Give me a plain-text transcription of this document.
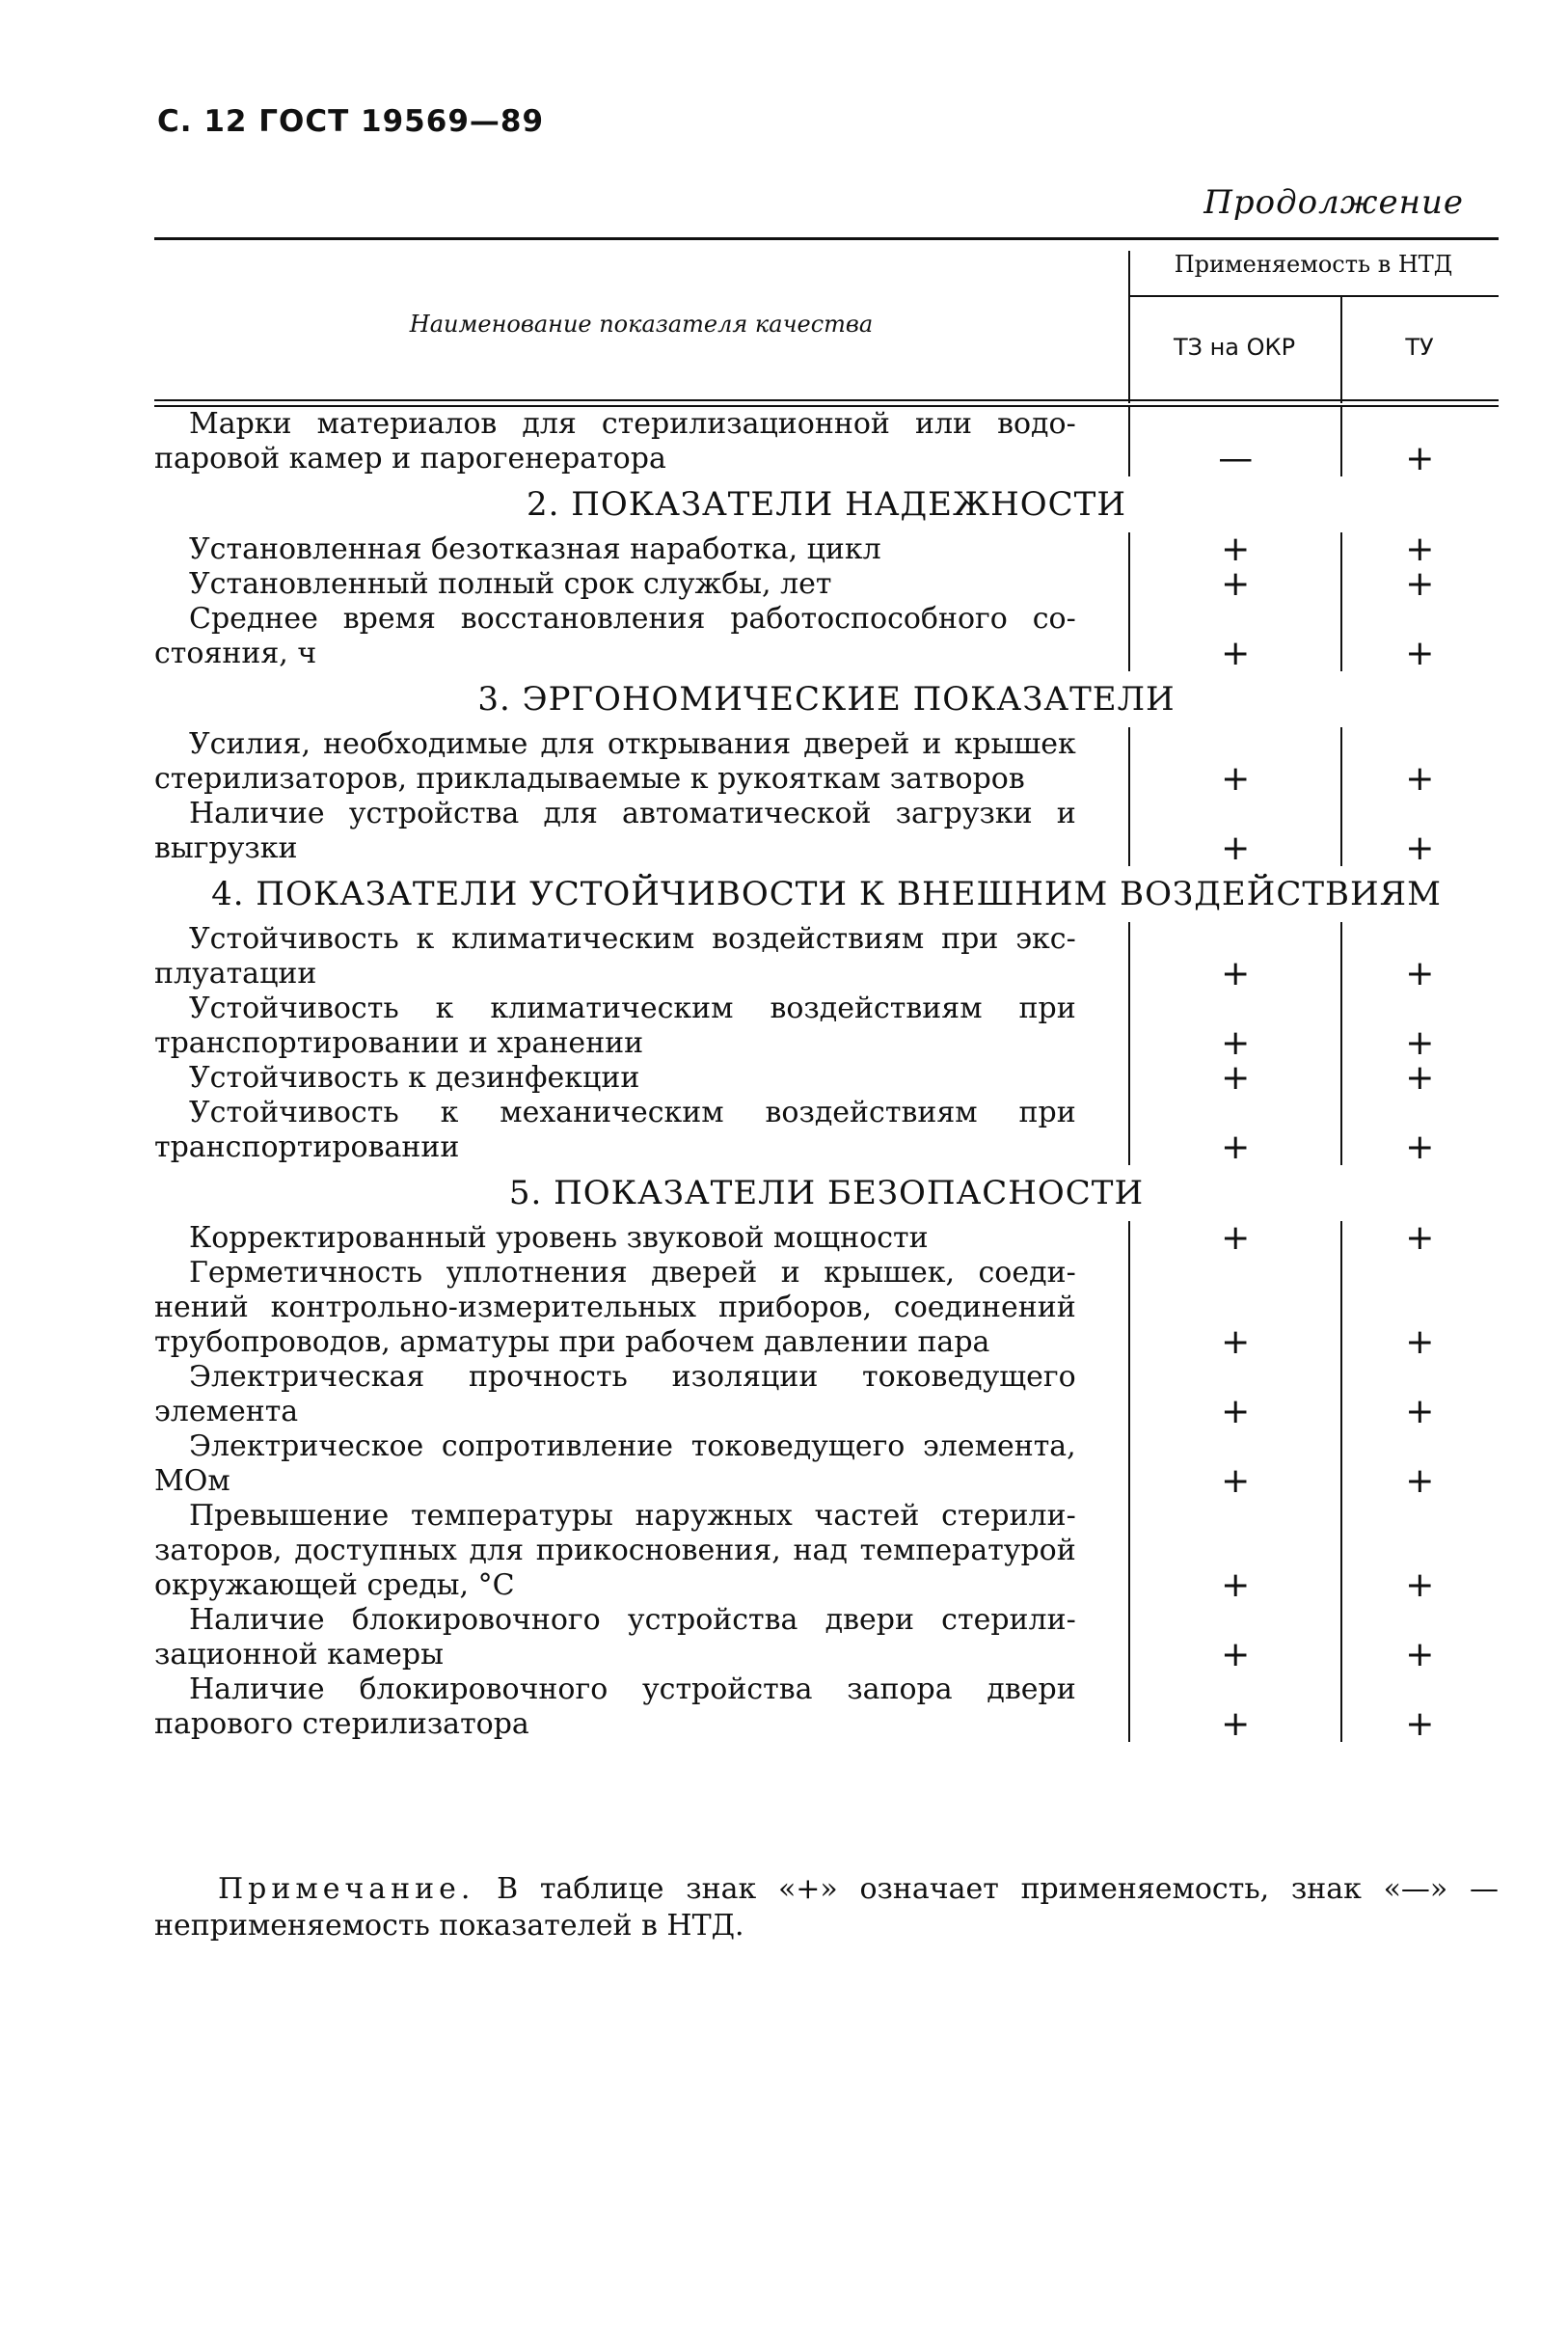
С. 12 ГОСТ 19569—89
Продолжение
Наименование показателя качества
Применяемость в НТД
ТЗ на ОКР	ТУ
Марки материалов для стерилизационной или водопаровой камер и парогенератора	—	+
2. ПОКАЗАТЕЛИ НАДЕЖНОСТИ
Установленная безотказная наработка, цикл	+	+
Установленный полный срок службы, лет	+	+
Среднее время восстановления работоспособного состояния, ч	+	+
3. ЭРГОНОМИЧЕСКИЕ ПОКАЗАТЕЛИ
Усилия, необходимые для открывания дверей и крышек стерилизаторов, прикладываемые к рукояткам затворов	+	+
Наличие устройства для автоматической загрузки и выгрузки	+	+
4. ПОКАЗАТЕЛИ УСТОЙЧИВОСТИ К ВНЕШНИМ ВОЗДЕЙСТВИЯМ
Устойчивость к климатическим воздействиям при эксплуатации	+	+
Устойчивость к климатическим воздействиям при транспортировании и хранении	+	+
Устойчивость к дезинфекции	+	+
Устойчивость к механическим воздействиям при транспортировании	+	+
5. ПОКАЗАТЕЛИ БЕЗОПАСНОСТИ
Корректированный уровень звуковой мощности	+	+
Герметичность уплотнения дверей и крышек, соединений контрольно-измерительных приборов, соединений трубопроводов, арматуры при рабочем давлении пара	+	+
Электрическая прочность изоляции токоведущего элемента	+	+
Электрическое сопротивление токоведущего элемента, МОм	+	+
Превышение температуры наружных частей стерилизаторов, доступных для прикосновения, над температурой окружающей среды, °С	+	+
Наличие блокировочного устройства двери стерилизационной камеры	+	+
Наличие блокировочного устройства запора двери парового стерилизатора	+	+
Примечание. В таблице знак «+» означает применяемость, знак «—» —неприменяемость показателей в НТД.
